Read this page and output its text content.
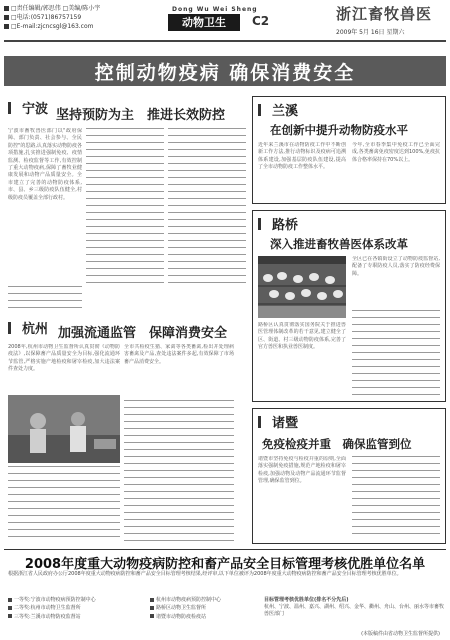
□责任编辑/郭思伟 □美编/陈小宇
□电话:(0571)86757159
□E-mail:zjcncsgl@163.com
Dong Wu Wei Sheng
动物卫生	C2	浙江畜牧兽医
2009年 5月 16日 星期六
控制动物疫病 确保消费安全
宁波 坚持预防为主　推进长效防控
宁波市畜牧兽医部门以"政府保障、部门负责、社会参与、全民防控"的思路,认真落实动物防疫各项措施,扎实推进强制免疫、疫情监测、检疫监督等工作,有效控制了重大动物疫病,保障了畜牧业健康发展和动物产品质量安全。全市建立了完善的动物防疫体系,市、县、乡三级防疫队伍健全,村级防疫员覆盖全部行政村。
杭州 加强流通监管　保障消费安全
2008年,杭州市动物卫生监督所认真贯彻《动物防疫法》,以保障畜产品质量安全为目标,强化流通环节监管,严格实施产地检疫和屠宰检疫,加大违法案件查处力度。
全市共检疫生猪、家禽等各类畜禽,检出并处理病害畜禽及产品,查处违法案件多起,有效保障了市场畜产品消费安全。
兰溪
在创新中提升动物防疫水平
近年来兰溪市在动物防疫工作中不断创新工作方法,推行动物标识及疫病可追溯体系建设,加强基层防疫队伍建设,提高了全市动物防疫工作整体水平。
今年,全市春季集中免疫工作已全面完成,各类畜禽免疫密度达到100%,免疫抗体合格率保持在70%以上。
路桥
深入推进畜牧兽医体系改革
路桥区认真贯彻落实国务院关于推进兽医管理体制改革的若干意见,建立健全了区、街道、村三级动物防疫体系,完善了官方兽医和执业兽医制度。
全区已在各镇街设立了动物防疫监督站,配备了专职防疫人员,落实了防疫经费保障。
诸暨
免疫检疫并重　确保监管到位
诸暨市坚持免疫与检疫并重的原则,全面落实强制免疫措施,规范产地检疫和屠宰检疫,加强动物及动物产品流通环节监督管理,确保监管到位。
2008年度重大动物疫病防控和畜产品安全目标管理考核优胜单位名单
根据浙江省人民政府办公厅2008年度重大动物疫病防控和畜产品安全目标管理考核结果,经评审,以下单位被评为2008年度重大动物疫病防控和畜产品安全目标管理考核优胜单位。
一等奖:宁波市动物疫病预防控制中心
二等奖:杭州市动物卫生监督所
三等奖:兰溪市动物防疫监督站
杭州市动物疫病预防控制中心
路桥区动物卫生监督所
诸暨市动物防疫检疫站
目标管理考核优胜单位(排名不分先后)
杭州、宁波、温州、嘉兴、湖州、绍兴、金华、衢州、舟山、台州、丽水等市畜牧兽医部门
(本版稿件由省动物卫生监督所提供)
